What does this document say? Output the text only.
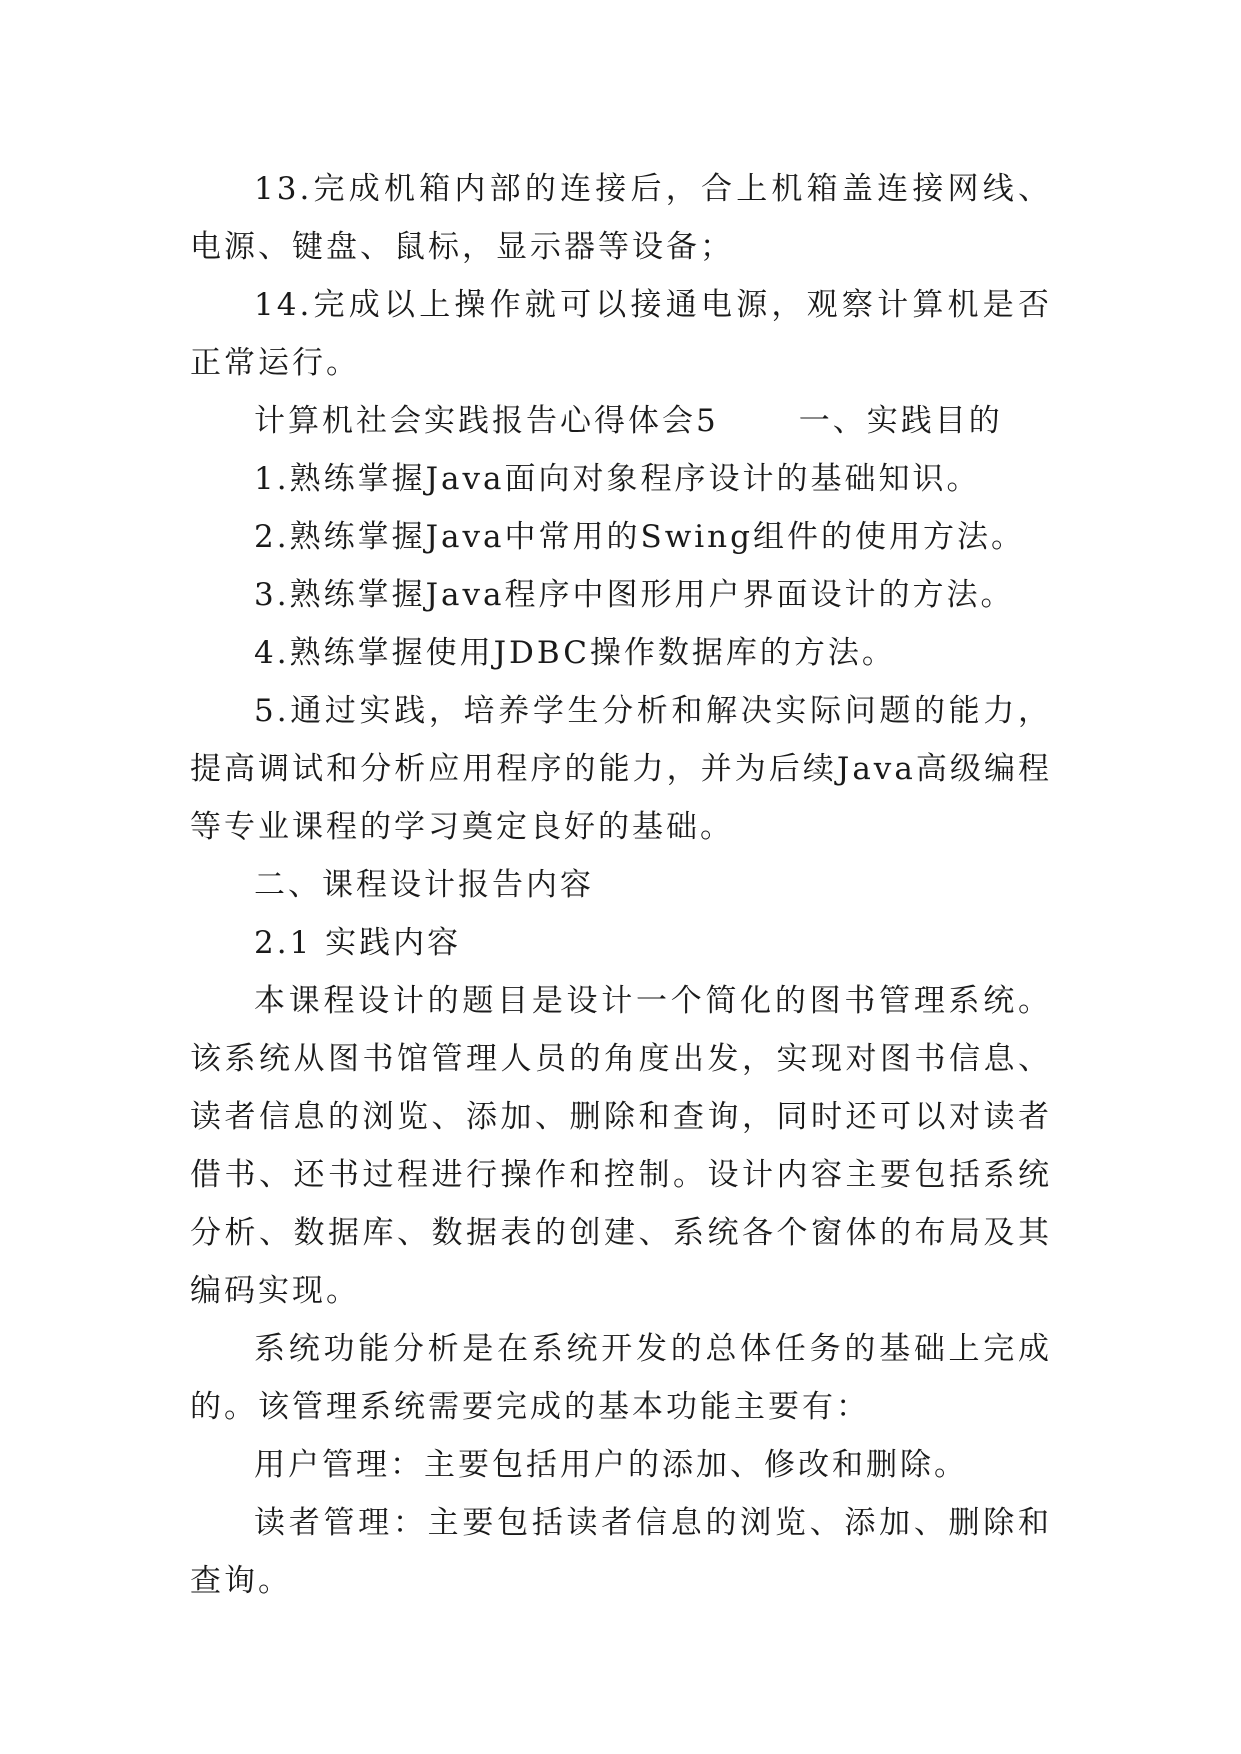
13.完成机箱内部的连接后，合上机箱盖连接网线、电源、键盘、鼠标，显示器等设备；

14.完成以上操作就可以接通电源，观察计算机是否正常运行。

计算机社会实践报告心得体会5	一、实践目的

1.熟练掌握Java面向对象程序设计的基础知识。

2.熟练掌握Java中常用的Swing组件的使用方法。

3.熟练掌握Java程序中图形用户界面设计的方法。

4.熟练掌握使用JDBC操作数据库的方法。

5.通过实践，培养学生分析和解决实际问题的能力，提高调试和分析应用程序的能力，并为后续Java高级编程等专业课程的学习奠定良好的基础。

二、课程设计报告内容

2.1 实践内容

本课程设计的题目是设计一个简化的图书管理系统。该系统从图书馆管理人员的角度出发，实现对图书信息、读者信息的浏览、添加、删除和查询，同时还可以对读者借书、还书过程进行操作和控制。设计内容主要包括系统分析、数据库、数据表的创建、系统各个窗体的布局及其编码实现。

系统功能分析是在系统开发的总体任务的基础上完成的。该管理系统需要完成的基本功能主要有：

用户管理：主要包括用户的添加、修改和删除。

读者管理：主要包括读者信息的浏览、添加、删除和查询。
